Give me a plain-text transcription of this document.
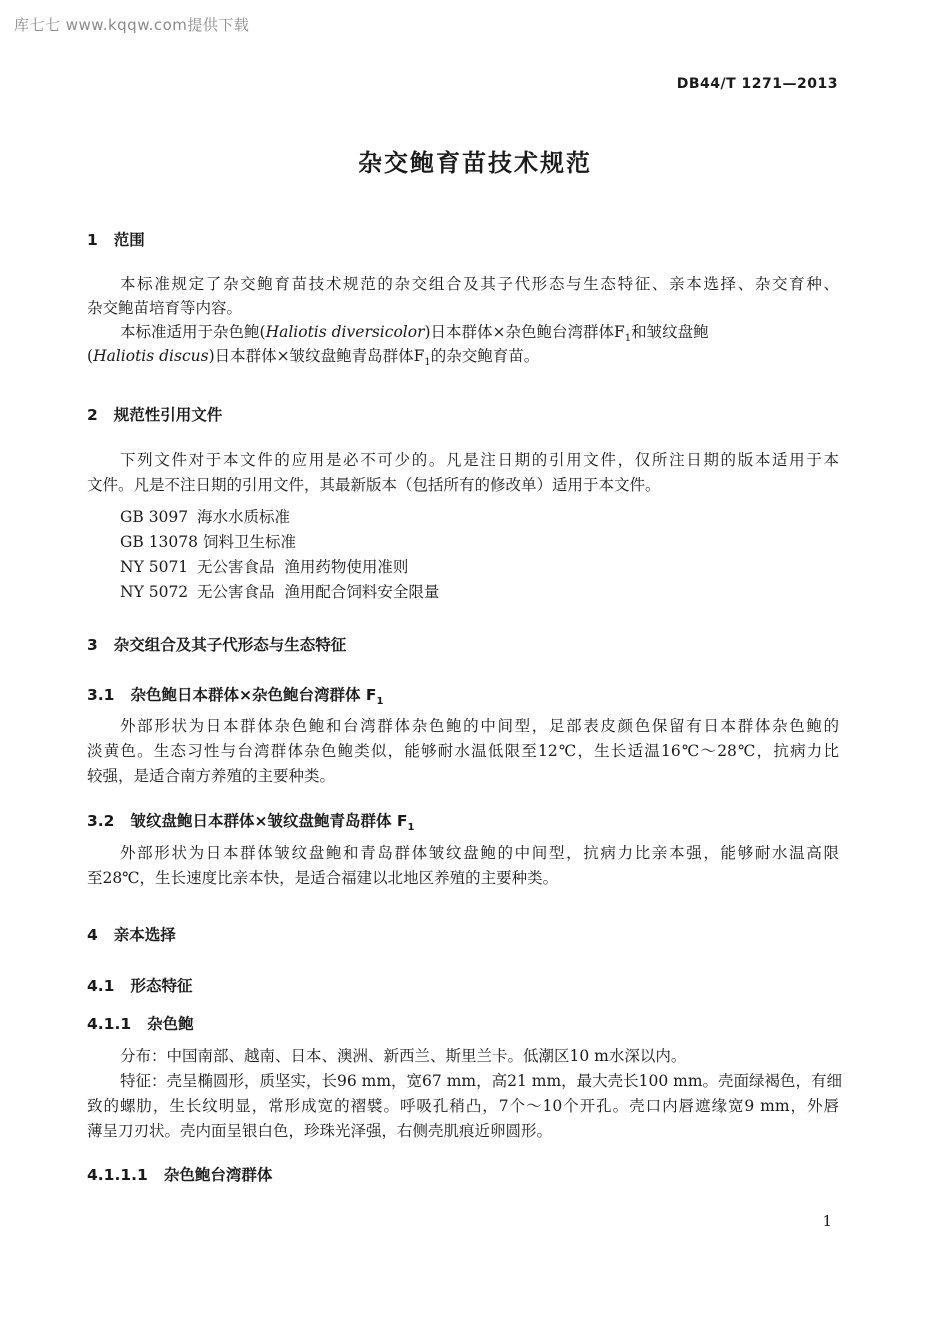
库七七 www.kqqw.com提供下载
DB44/T 1271—2013
杂交鲍育苗技术规范
1 范围
本标准规定了杂交鲍育苗技术规范的杂交组合及其子代形态与生态特征、亲本选择、杂交育种、
杂交鲍苗培育等内容。
本标准适用于杂色鲍(Haliotis diversicolor)日本群体×杂色鲍台湾群体$F_1$和皱纹盘鲍
(Haliotis discus)日本群体×皱纹盘鲍青岛群体$F_1$的杂交鲍育苗。
2 规范性引用文件
下列文件对于本文件的应用是必不可少的。凡是注日期的引用文件，仅所注日期的版本适用于本
文件。凡是不注日期的引用文件，其最新版本（包括所有的修改单）适用于本文件。
GB 3097 海水水质标准
GB 13078 饲料卫生标准
NY 5071 无公害食品  渔用药物使用准则
NY 5072 无公害食品  渔用配合饲料安全限量
3 杂交组合及其子代形态与生态特征
3.1 杂色鲍日本群体×杂色鲍台湾群体 $F_1$
外部形状为日本群体杂色鲍和台湾群体杂色鲍的中间型，足部表皮颜色保留有日本群体杂色鲍的
淡黄色。生态习性与台湾群体杂色鲍类似，能够耐水温低限至12℃，生长适温16℃～28℃，抗病力比
较强，是适合南方养殖的主要种类。
3.2 皱纹盘鲍日本群体×皱纹盘鲍青岛群体 $F_1$
外部形状为日本群体皱纹盘鲍和青岛群体皱纹盘鲍的中间型，抗病力比亲本强，能够耐水温高限
至28℃，生长速度比亲本快，是适合福建以北地区养殖的主要种类。
4 亲本选择
4.1 形态特征
4.1.1 杂色鲍
分布：中国南部、越南、日本、澳洲、新西兰、斯里兰卡。低潮区10 m水深以内。
特征：壳呈椭圆形，质坚实，长96 mm，宽67 mm，高21 mm，最大壳长100 mm。壳面绿褐色，有细
致的螺肋，生长纹明显，常形成宽的褶襞。呼吸孔稍凸，7个～10个开孔。壳口内唇遮缘宽9 mm，外唇
薄呈刀刃状。壳内面呈银白色，珍珠光泽强，右侧壳肌痕近卵圆形。
4.1.1.1 杂色鲍台湾群体
1
